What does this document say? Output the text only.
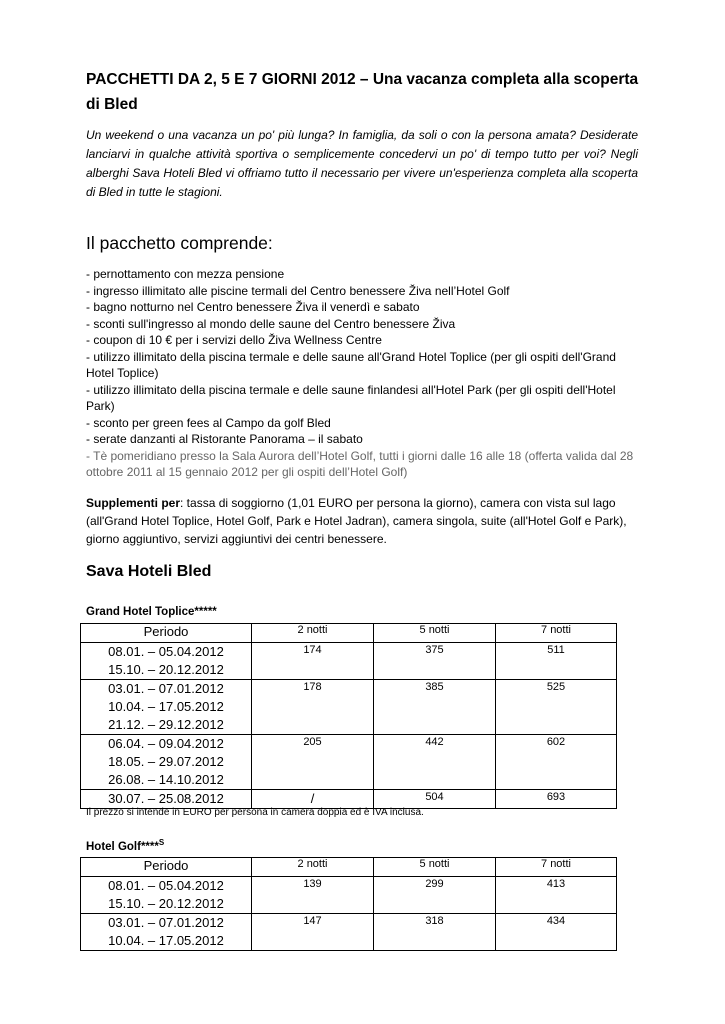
PACCHETTI DA 2, 5 E 7 GIORNI 2012 – Una vacanza completa alla scoperta di Bled
Un weekend o una vacanza un po' più lunga? In famiglia, da soli o con la persona amata? Desiderate lanciarvi in qualche attività sportiva o semplicemente concedervi un po' di tempo tutto per voi? Negli alberghi Sava Hoteli Bled vi offriamo tutto il necessario per vivere un'esperienza completa alla scoperta di Bled in tutte le stagioni.
Il pacchetto comprende:
- pernottamento con mezza pensione
- ingresso illimitato alle piscine termali del Centro benessere Živa nell’Hotel Golf
- bagno notturno nel Centro benessere Živa il venerdì e sabato
- sconti sull'ingresso al mondo delle saune del Centro benessere Živa
- coupon di 10 € per i servizi dello Živa Wellness Centre
- utilizzo illimitato della piscina termale e delle saune all'Grand Hotel Toplice (per gli ospiti dell'Grand Hotel Toplice)
- utilizzo illimitato della piscina termale e delle saune finlandesi all'Hotel Park (per gli ospiti dell'Hotel Park)
- sconto per green fees al Campo da golf Bled
- serate danzanti al Ristorante Panorama – il sabato
- Tè pomeridiano presso la Sala Aurora dell’Hotel Golf, tutti i giorni dalle 16 alle 18 (offerta valida dal 28 ottobre 2011 al 15 gennaio 2012 per gli ospiti dell’Hotel Golf)
Supplementi per: tassa di soggiorno (1,01 EURO per persona la giorno), camera con vista sul lago (all'Grand Hotel Toplice, Hotel Golf, Park e Hotel Jadran), camera singola, suite (all'Hotel Golf e Park), giorno aggiuntivo, servizi aggiuntivi dei centri benessere.
Sava Hoteli Bled
Grand Hotel Toplice*****
Periodo	2 notti	5 notti	7 notti

08.01. – 05.04.2012
15.10. – 20.12.2012	174	375	511

03.01. – 07.01.2012
10.04. – 17.05.2012
21.12. – 29.12.2012	178	385	525

06.04. – 09.04.2012
18.05. – 29.07.2012
26.08. – 14.10.2012	205	442	602

30.07. – 25.08.2012	/	504	693
Il prezzo si intende in EURO per persona in camera doppia ed è IVA inclusa.
Hotel Golf****$^S$
Periodo	2 notti	5 notti	7 notti

08.01. – 05.04.2012
15.10. – 20.12.2012	139	299	413

03.01. – 07.01.2012
10.04. – 17.05.2012	147	318	434
